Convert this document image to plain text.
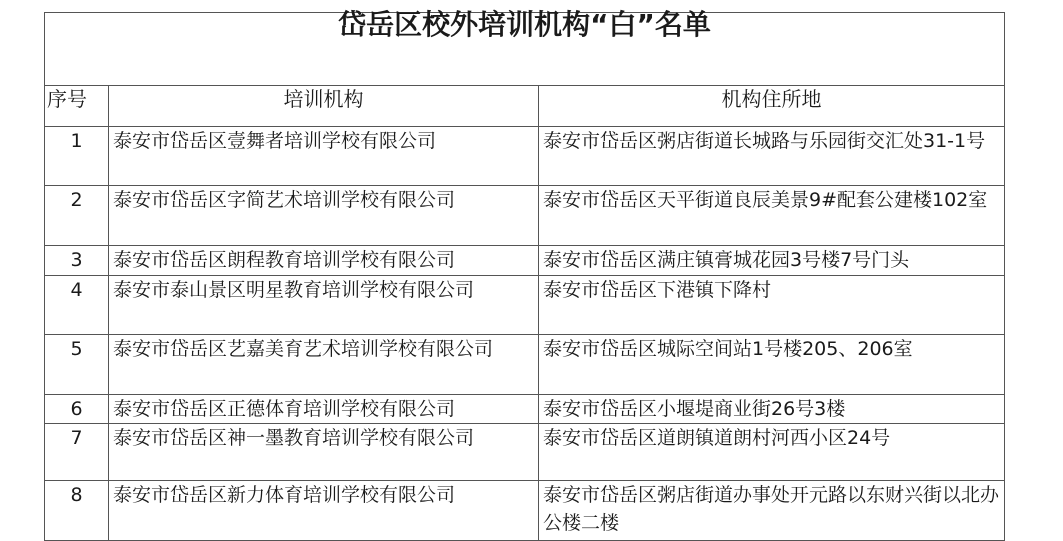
岱岳区校外培训机构“白”名单		

序号	培训机构	机构住所地
1	泰安市岱岳区壹舞者培训学校有限公司	泰安市岱岳区粥店街道长城路与乐园街交汇处31-1号
2	泰安市岱岳区字简艺术培训学校有限公司	泰安市岱岳区天平街道良辰美景9#配套公建楼102室
3	泰安市岱岳区朗程教育培训学校有限公司	泰安市岱岳区满庄镇膏城花园3号楼7号门头
4	泰安市泰山景区明星教育培训学校有限公司	泰安市岱岳区下港镇下降村
5	泰安市岱岳区艺嘉美育艺术培训学校有限公司	泰安市岱岳区城际空间站1号楼205、206室
6	泰安市岱岳区正德体育培训学校有限公司	泰安市岱岳区小堰堤商业街26号3楼
7	泰安市岱岳区神一墨教育培训学校有限公司	泰安市岱岳区道朗镇道朗村河西小区24号
8	泰安市岱岳区新力体育培训学校有限公司	泰安市岱岳区粥店街道办事处开元路以东财兴街以北办公楼二楼
